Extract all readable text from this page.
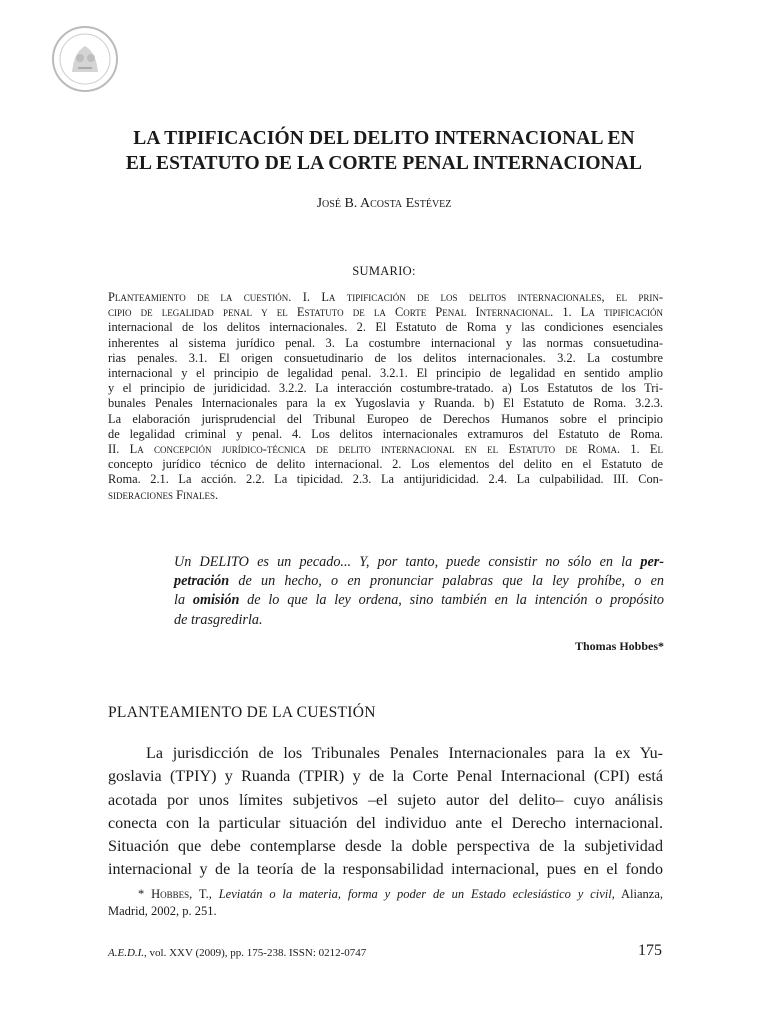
LA TIPIFICACIÓN DEL DELITO INTERNACIONAL EN
EL ESTATUTO DE LA CORTE PENAL INTERNACIONAL
José B. Acosta Estévez
SUMARIO:
Planteamiento de la cuestión. I. La tipificación de los delitos internacionales, el prin-
cipio de legalidad penal y el Estatuto de la Corte Penal Internacional. 1. La tipificación
internacional de los delitos internacionales. 2. El Estatuto de Roma y las condiciones esenciales
inherentes al sistema jurídico penal. 3. La costumbre internacional y las normas consuetudina-
rias penales. 3.1. El origen consuetudinario de los delitos internacionales. 3.2. La costumbre
internacional y el principio de legalidad penal. 3.2.1. El principio de legalidad en sentido amplio
y el principio de juridicidad. 3.2.2. La interacción costumbre-tratado. a) Los Estatutos de los Tri-
bunales Penales Internacionales para la ex Yugoslavia y Ruanda. b) El Estatuto de Roma. 3.2.3.
La elaboración jurisprudencial del Tribunal Europeo de Derechos Humanos sobre el principio
de legalidad criminal y penal. 4. Los delitos internacionales extramuros del Estatuto de Roma.
II. La concepción jurídico-técnica de delito internacional en el Estatuto de Roma. 1. El
concepto jurídico técnico de delito internacional. 2. Los elementos del delito en el Estatuto de
Roma. 2.1. La acción. 2.2. La tipicidad. 2.3. La antijuridicidad. 2.4. La culpabilidad. III. Con-
sideraciones Finales.
Un DELITO es un pecado... Y, por tanto, puede consistir no sólo en la per-
petración de un hecho, o en pronunciar palabras que la ley prohíbe, o en
la omisión de lo que la ley ordena, sino también en la intención o propósito
de trasgredirla.
Thomas Hobbes*
PLANTEAMIENTO DE LA CUESTIÓN
La jurisdicción de los Tribunales Penales Internacionales para la ex Yu-
goslavia (TPIY) y Ruanda (TPIR) y de la Corte Penal Internacional (CPI) está
acotada por unos límites subjetivos –el sujeto autor del delito– cuyo análisis
conecta con la particular situación del individuo ante el Derecho internacional.
Situación que debe contemplarse desde la doble perspectiva de la subjetividad
internacional y de la teoría de la responsabilidad internacional, pues en el fondo
* Hobbes, T., Leviatán o la materia, forma y poder de un Estado eclesiástico y civil, Alianza,
Madrid, 2002, p. 251.
A.E.D.I., vol. XXV (2009), pp. 175-238. ISSN: 0212-0747	175
